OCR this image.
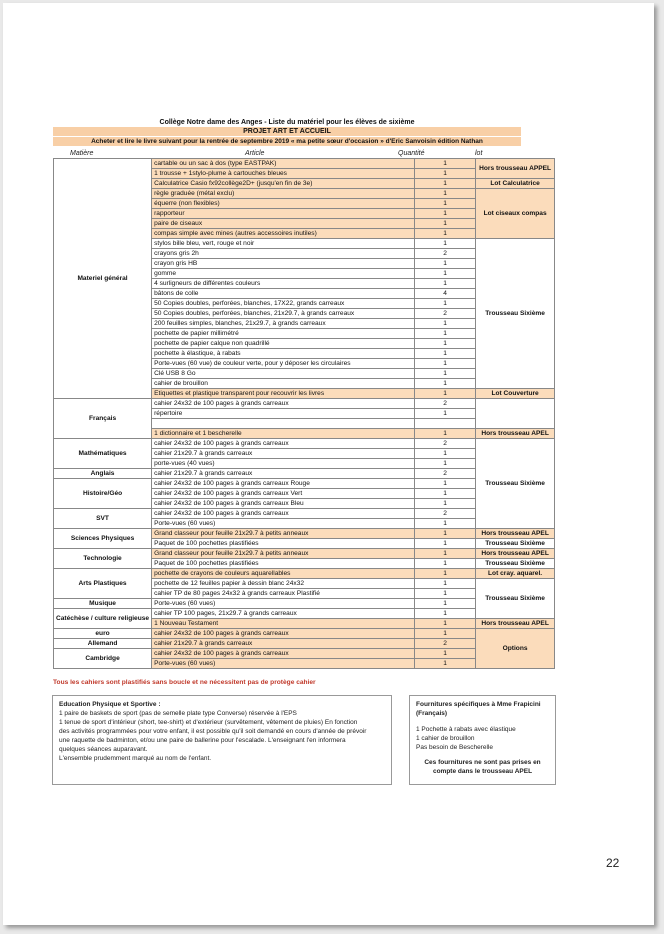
Collège Notre dame des Anges - Liste du matériel pour les élèves de sixième
PROJET ART ET ACCUEIL
Acheter et lire le livre suivant pour la rentrée de septembre 2019 « ma petite sœur d'occasion » d'Eric Sanvoisin édition Nathan
Matière	Article	Quantité	lot
Materiel général	cartable ou un sac à dos (type EASTPAK)	1	Hors trousseau APPEL
	1 trousse + 1stylo-plume à cartouches bleues	1	
	Calculatrice Casio fx92collège2D+ (jusqu'en fin de 3e)	1	Lot Calculatrice
	règle graduée (métal exclu)	1	Lot ciseaux compas
	équerre (non flexibles)	1	
	rapporteur	1	
	paire de ciseaux	1	
	compas simple avec mines (autres accessoires inutiles)	1	
	stylos bille bleu, vert, rouge et noir	1	Trousseau Sixième
	crayons gris 2h	2	
	crayon gris HB	1	
	gomme	1	
	4 surligneurs de différentes couleurs	1	
	bâtons de colle	4	
	50 Copies doubles, perforées, blanches, 17X22, grands carreaux	1	
	50 Copies doubles, perforées, blanches, 21x29.7, à grands carreaux	2	
	200 feuilles simples, blanches, 21x29.7, à grands carreaux	1	
	pochette de papier millimétré	1	
	pochette de papier calque non quadrillé	1	
	pochette à élastique, à rabats	1	
	Porte-vues (60 vue) de couleur verte, pour y déposer les circulaires	1	
	Clé USB 8 Go	1	
	cahier de brouillon	1	
	Etiquettes et plastique transparent pour recouvrir les livres	1	Lot Couverture
Français	cahier 24x32 de 100 pages à grands carreaux	2	
	répertoire	1	

	1 dictionnaire et 1 bescherelle	1	Hors trousseau APEL
Mathématiques	cahier 24x32 de 100 pages à grands carreaux	2	Trousseau Sixième
	cahier 21x29.7 à grands carreaux	1	
	porte-vues (40 vues)	1	
Anglais	cahier 21x29.7 à grands carreaux	2	
Histoire/Géo	cahier 24x32 de 100 pages à grands carreaux Rouge	1	
	cahier 24x32 de 100 pages à grands carreaux Vert	1	
	cahier 24x32 de 100 pages à grands carreaux Bleu	1	
SVT	cahier 24x32 de 100 pages à grands carreaux	2	
	Porte-vues (60 vues)	1	
Sciences Physiques	Grand classeur pour feuille 21x29.7 à petits anneaux	1	Hors trousseau APEL
	Paquet de 100 pochettes plastifiées	1	Trousseau Sixième
Technologie	Grand classeur pour feuille 21x29.7 à petits anneaux	1	Hors trousseau APEL
	Paquet de 100 pochettes plastifiées	1	Trousseau Sixième
Arts Plastiques	pochette de crayons de couleurs aquarellables	1	Lot cray. aquarel.
	pochette de 12 feuilles papier à dessin blanc 24x32	1	Trousseau Sixième
	cahier TP de 80 pages 24x32 à grands carreaux Plastifié	1	
Musique	Porte-vues (60 vues)	1	
Catéchèse / culture religieuse	cahier TP 100 pages, 21x29.7 à grands carreaux	1	
	1 Nouveau Testament	1	Hors trousseau APEL
euro	cahier 24x32 de 100 pages à grands carreaux	1	Options
Allemand	cahier 21x29.7 à grands carreaux	2	
Cambridge	cahier 24x32 de 100 pages à grands carreaux	1	
	Porte-vues (60 vues)	1	
Tous les cahiers sont plastifiés sans boucle et ne nécessitent pas de protège cahier
Education Physique et Sportive :
1 paire de baskets de sport (pas de semelle plate type Converse) réservée à l'EPS
1 tenue de sport d'intérieur (short, tee-shirt) et d'extérieur (survêtement, vêtement de pluies) En fonction
des activités programmées pour votre enfant, il est possible qu'il soit demandé en cours d'année de prévoir
une raquette de badminton, et/ou une paire de ballerine pour l'escalade. L'enseignant l'en informera
quelques séances auparavant.
L'ensemble prudemment marqué au nom de l'enfant.
Fournitures spécifiques à Mme Frapicini
(Français)
1 Pochette à rabats avec élastique
1 cahier de brouillon
Pas besoin de Bescherelle
Ces fournitures ne sont pas prises en
compte dans le trousseau APEL
22
